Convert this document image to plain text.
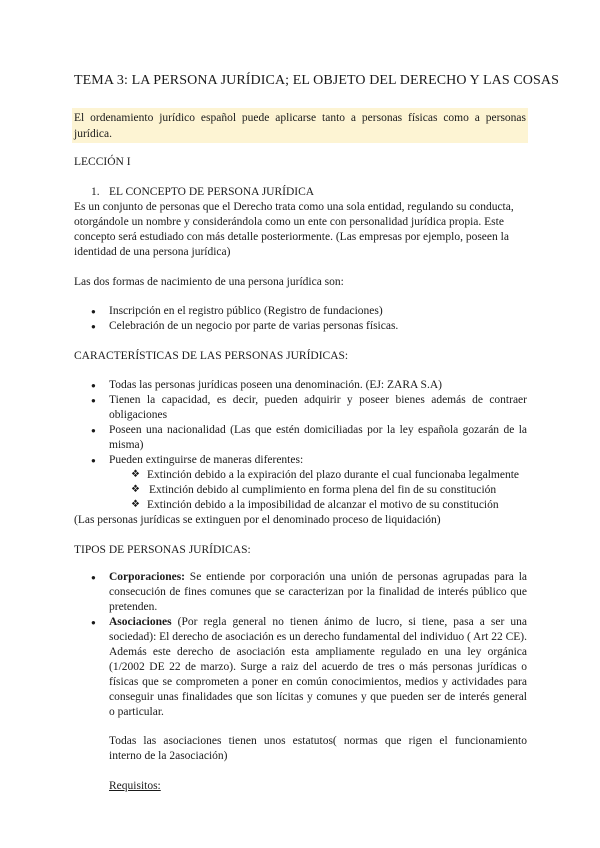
TEMA 3: LA PERSONA JURÍDICA; EL OBJETO DEL DERECHO Y LAS COSAS
El ordenamiento jurídico español puede aplicarse tanto a personas físicas como a personas jurídica.
LECCIÓN I
1. EL CONCEPTO DE PERSONA JURÍDICA
Es un conjunto de personas que el Derecho trata como una sola entidad, regulando su conducta,
otorgándole un nombre y considerándola como un ente con personalidad jurídica propia. Este
concepto será estudiado con más detalle posteriormente. (Las empresas por ejemplo, poseen la
identidad de una persona jurídica)
Las dos formas de nacimiento de una persona jurídica son:
● Inscripción en el registro público (Registro de fundaciones)
● Celebración de un negocio por parte de varias personas físicas.
CARACTERÍSTICAS DE LAS PERSONAS JURÍDICAS:
● Todas las personas jurídicas poseen una denominación. (EJ: ZARA S.A)
● Tienen la capacidad, es decir, pueden adquirir y poseer bienes además de contraer
obligaciones
● Poseen una nacionalidad (Las que estén domiciliadas por la ley española gozarán de la
misma)
● Pueden extinguirse de maneras diferentes:
❖ Extinción debido a la expiración del plazo durante el cual funcionaba legalmente
❖ Extinción debido al cumplimiento en forma plena del fin de su constitución
❖ Extinción debido a la imposibilidad de alcanzar el motivo de su constitución
(Las personas jurídicas se extinguen por el denominado proceso de liquidación)
TIPOS DE PERSONAS JURÍDICAS:
● Corporaciones: Se entiende por corporación una unión de personas agrupadas para la
consecución de fines comunes que se caracterizan por la finalidad de interés público que
pretenden.
● Asociaciones (Por regla general no tienen ánimo de lucro, si tiene, pasa a ser una
sociedad): El derecho de asociación es un derecho fundamental del individuo ( Art 22 CE).
Además este derecho de asociación esta ampliamente regulado en una ley orgánica
(1/2002 DE 22 de marzo). Surge a raiz del acuerdo de tres o más personas jurídicas o
físicas que se comprometen a poner en común conocimientos, medios y actividades para
conseguir unas finalidades que son lícitas y comunes y que pueden ser de interés general
o particular.
Todas las asociaciones tienen unos estatutos( normas que rigen el funcionamiento
interno de la 2asociación)
Requisitos:
